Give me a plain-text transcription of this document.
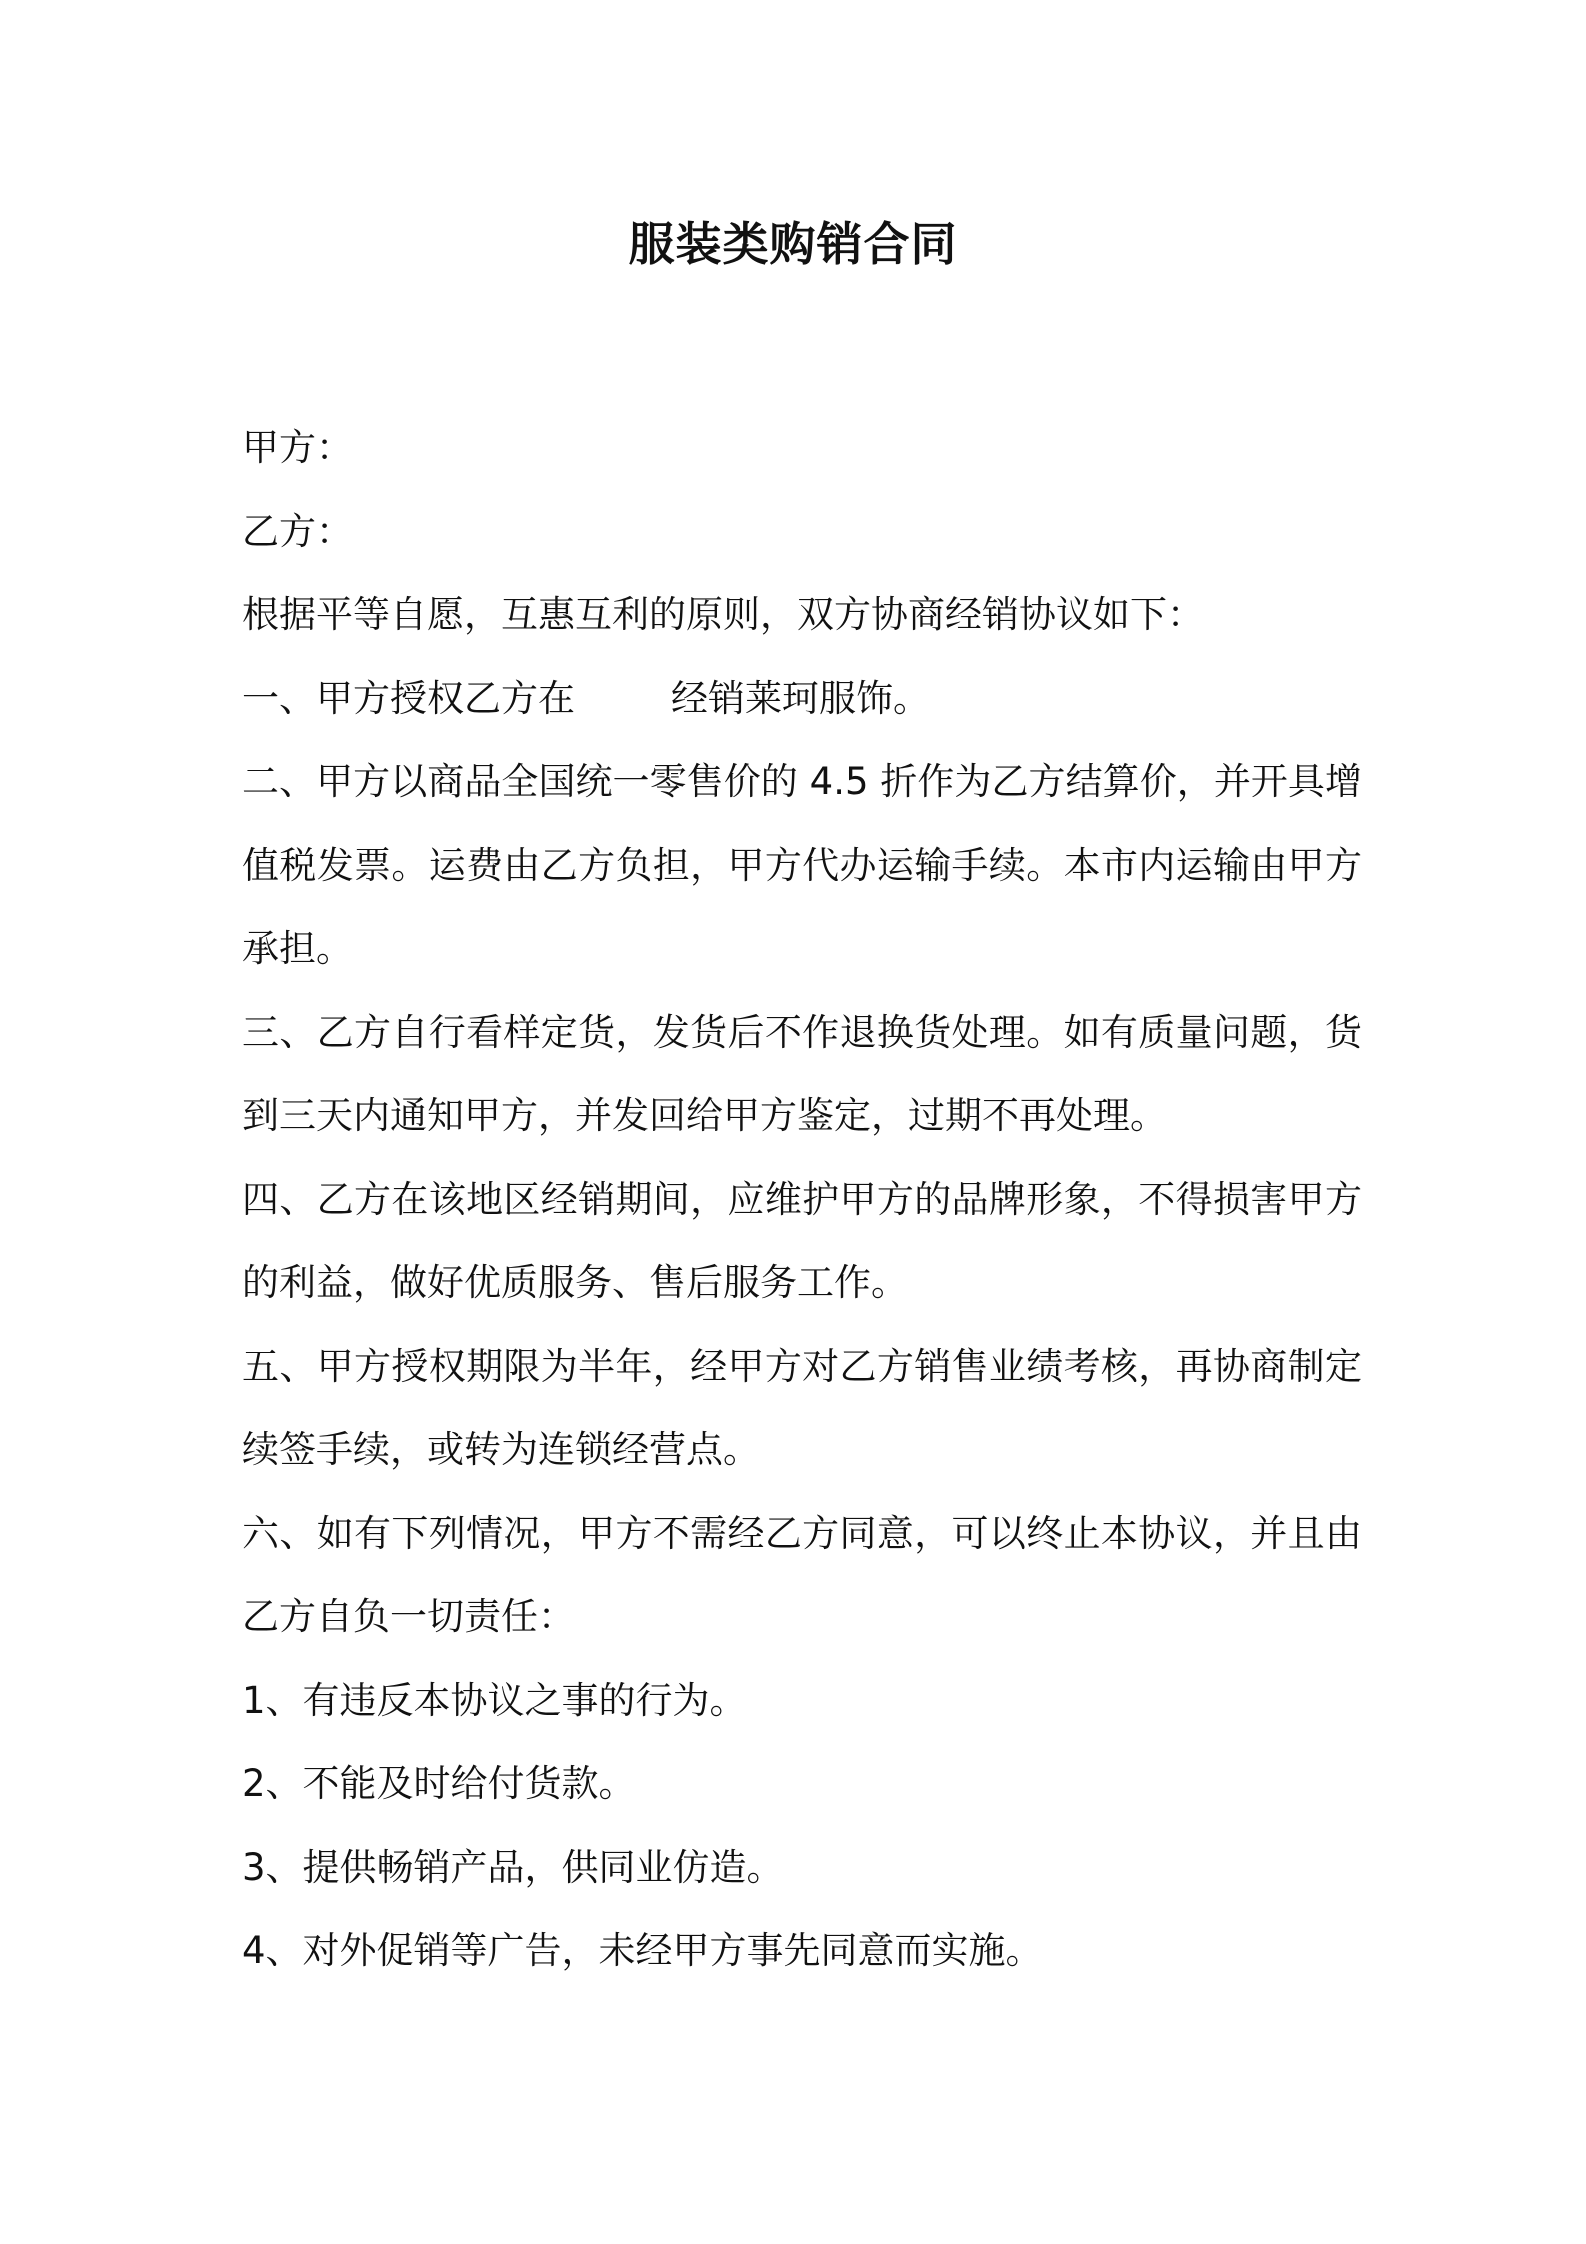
服装类购销合同

甲方：

乙方：

根据平等自愿，互惠互利的原则，双方协商经销协议如下：

一、甲方授权乙方在	经销莱珂服饰。

二、甲方以商品全国统一零售价的 4.5 折作为乙方结算价，并开具增值税发票。运费由乙方负担，甲方代办运输手续。本市内运输由甲方承担。

三、乙方自行看样定货，发货后不作退换货处理。如有质量问题，货到三天内通知甲方，并发回给甲方鉴定，过期不再处理。

四、乙方在该地区经销期间，应维护甲方的品牌形象，不得损害甲方的利益，做好优质服务、售后服务工作。

五、甲方授权期限为半年，经甲方对乙方销售业绩考核，再协商制定续签手续，或转为连锁经营点。

六、如有下列情况，甲方不需经乙方同意，可以终止本协议，并且由乙方自负一切责任：

1、有违反本协议之事的行为。

2、不能及时给付货款。

3、提供畅销产品，供同业仿造。

4、对外促销等广告，未经甲方事先同意而实施。
